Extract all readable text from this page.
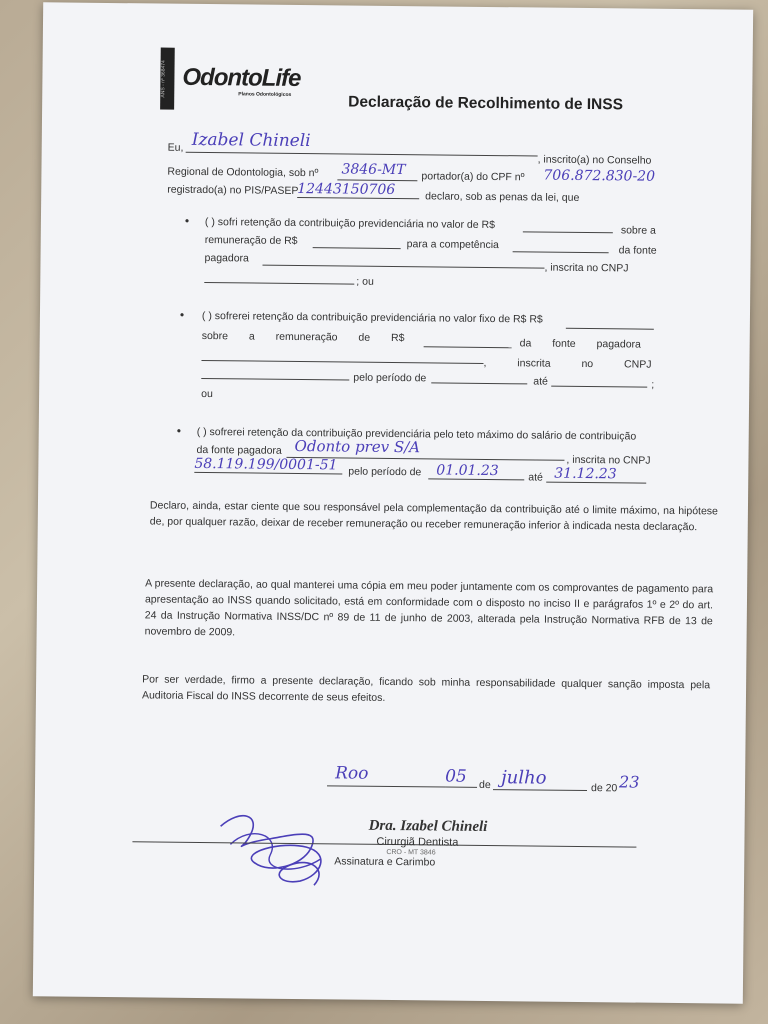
ANS - nº 368474 OdontoLife
Planos Odontológicos	Declaração de Recolhimento de INSS
Eu, Izabel Chineli
, inscrito(a) no Conselho
Regional de Odontologia, sob nº 3846-MT portador(a) do CPF nº 706.872.830-20
registrado(a) no PIS/PASEP
12443150706	declaro, sob as penas da lei, que
• ( ) sofri retenção da contribuição previdenciária no valor de R$	sobre a
remuneração de R$	para a competência	da fonte
pagadora
, inscrita no CNPJ
; ou
• ( ) sofrerei retenção da contribuição previdenciária no valor fixo de R$ R$
sobre a remuneração de R$	da fonte pagadora
, inscrita no CNPJ
pelo período de	até	;
ou
• ( ) sofrerei retenção da contribuição previdenciária pelo teto máximo do salário de contribuição
da fonte pagadora Odonto prev S/A
, inscrita no CNPJ
58.119.199/0001-51 pelo período de 01.01.23	até 31.12.23
Declaro, ainda, estar ciente que sou responsável pela complementação da contribuição até o limite máximo, na hipótese de, por qualquer razão, deixar de receber remuneração ou receber remuneração inferior à indicada nesta declaração.
A presente declaração, ao qual manterei uma cópia em meu poder juntamente com os comprovantes de pagamento para apresentação ao INSS quando solicitado, está em conformidade com o disposto no inciso II e parágrafos 1º e 2º do art. 24 da Instrução Normativa INSS/DC nº 89 de 11 de junho de 2003, alterada pela Instrução Normativa RFB de 13 de novembro de 2009.
Por ser verdade, firmo a presente declaração, ficando sob minha responsabilidade qualquer sanção imposta pela Auditoria Fiscal do INSS decorrente de seus efeitos.
Roo	05 de julho	de 20 23
Dra. Izabel Chineli
Cirurgiã Dentista
CRO - MT 3846
Assinatura e Carimbo
